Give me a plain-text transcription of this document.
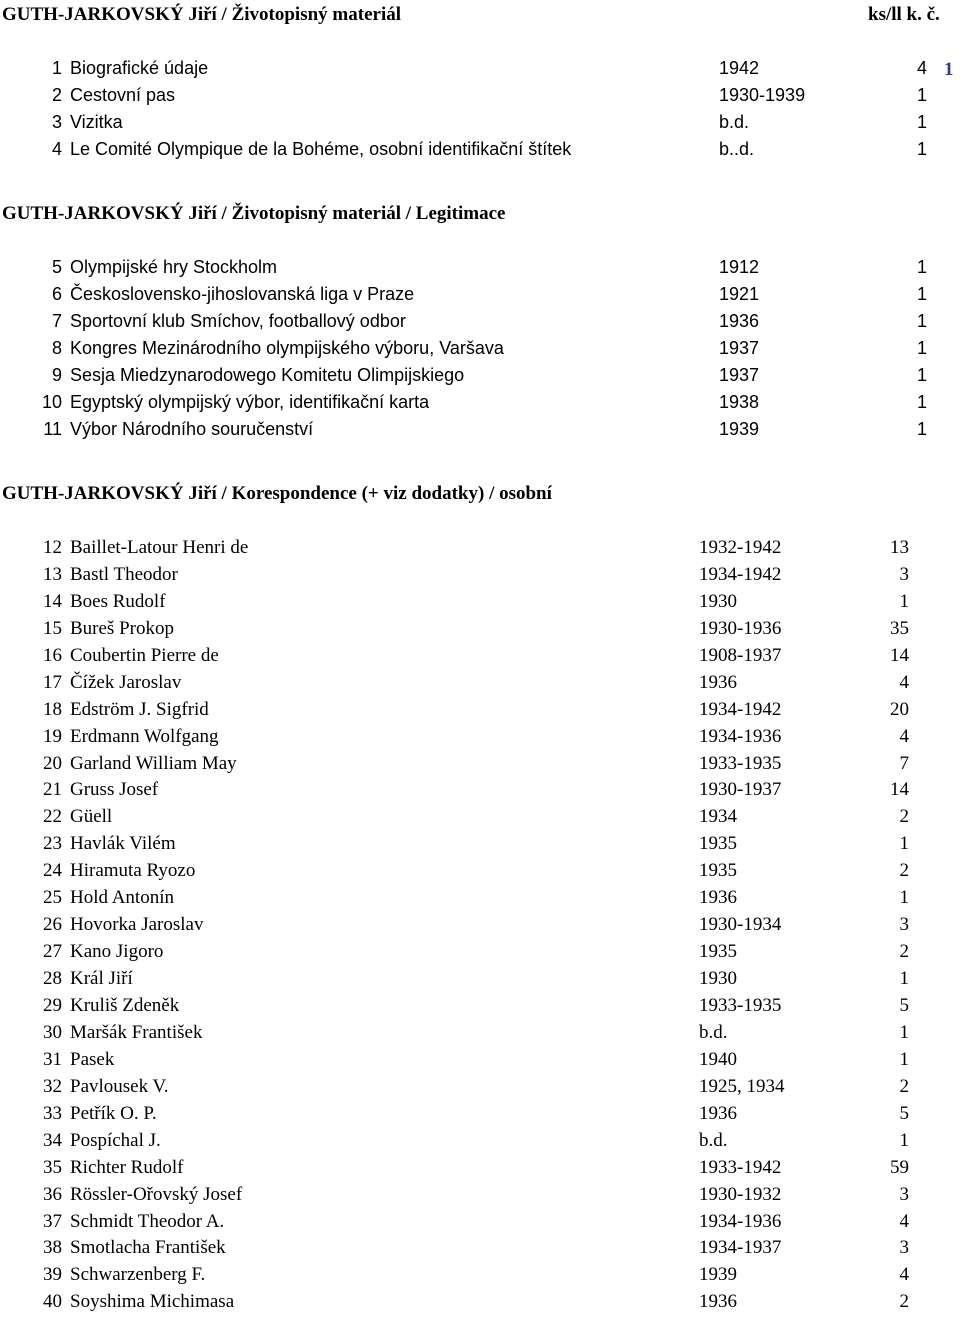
GUTH-JARKOVSKÝ Jiří / Životopisný materiál	ks/ll k. č.
1
GUTH-JARKOVSKÝ Jiří / Životopisný materiál / Legitimace
GUTH-JARKOVSKÝ Jiří / Korespondence (+ viz dodatky) / osobní
1 Biografické údaje	1942	4
2 Cestovní pas	1930-1939	1
3 Vizitka	b.d.	1
4 Le Comité Olympique de la Bohéme, osobní identifikační štítek	b..d.	1
5 Olympijské hry Stockholm	1912	1
6 Československo-jihoslovanská liga v Praze	1921	1
7 Sportovní klub Smíchov, footballový odbor	1936	1
8 Kongres Mezinárodního olympijského výboru, Varšava	1937	1
9 Sesja Miedzynarodowego Komitetu Olimpijskiego	1937	1
10 Egyptský olympijský výbor, identifikační karta	1938	1
11 Výbor Národního souručenství	1939	1
12 Baillet-Latour Henri de	1932-1942	13
13 Bastl Theodor	1934-1942	3
14 Boes Rudolf	1930	1
15 Bureš Prokop	1930-1936	35
16 Coubertin Pierre de	1908-1937	14
17 Čížek Jaroslav	1936	4
18 Edström J. Sigfrid	1934-1942	20
19 Erdmann Wolfgang	1934-1936	4
20 Garland William May	1933-1935	7
21 Gruss Josef	1930-1937	14
22 Güell	1934	2
23 Havlák Vilém	1935	1
24 Hiramuta Ryozo	1935	2
25 Hold Antonín	1936	1
26 Hovorka Jaroslav	1930-1934	3
27 Kano Jigoro	1935	2
28 Král Jiří	1930	1
29 Kruliš Zdeněk	1933-1935	5
30 Maršák František	b.d.	1
31 Pasek	1940	1
32 Pavlousek V.	1925, 1934	2
33 Petřík O. P.	1936	5
34 Pospíchal J.	b.d.	1
35 Richter Rudolf	1933-1942	59
36 Rössler-Ořovský Josef	1930-1932	3
37 Schmidt Theodor A.	1934-1936	4
38 Smotlacha František	1934-1937	3
39 Schwarzenberg F.	1939	4
40 Soyshima Michimasa	1936	2
